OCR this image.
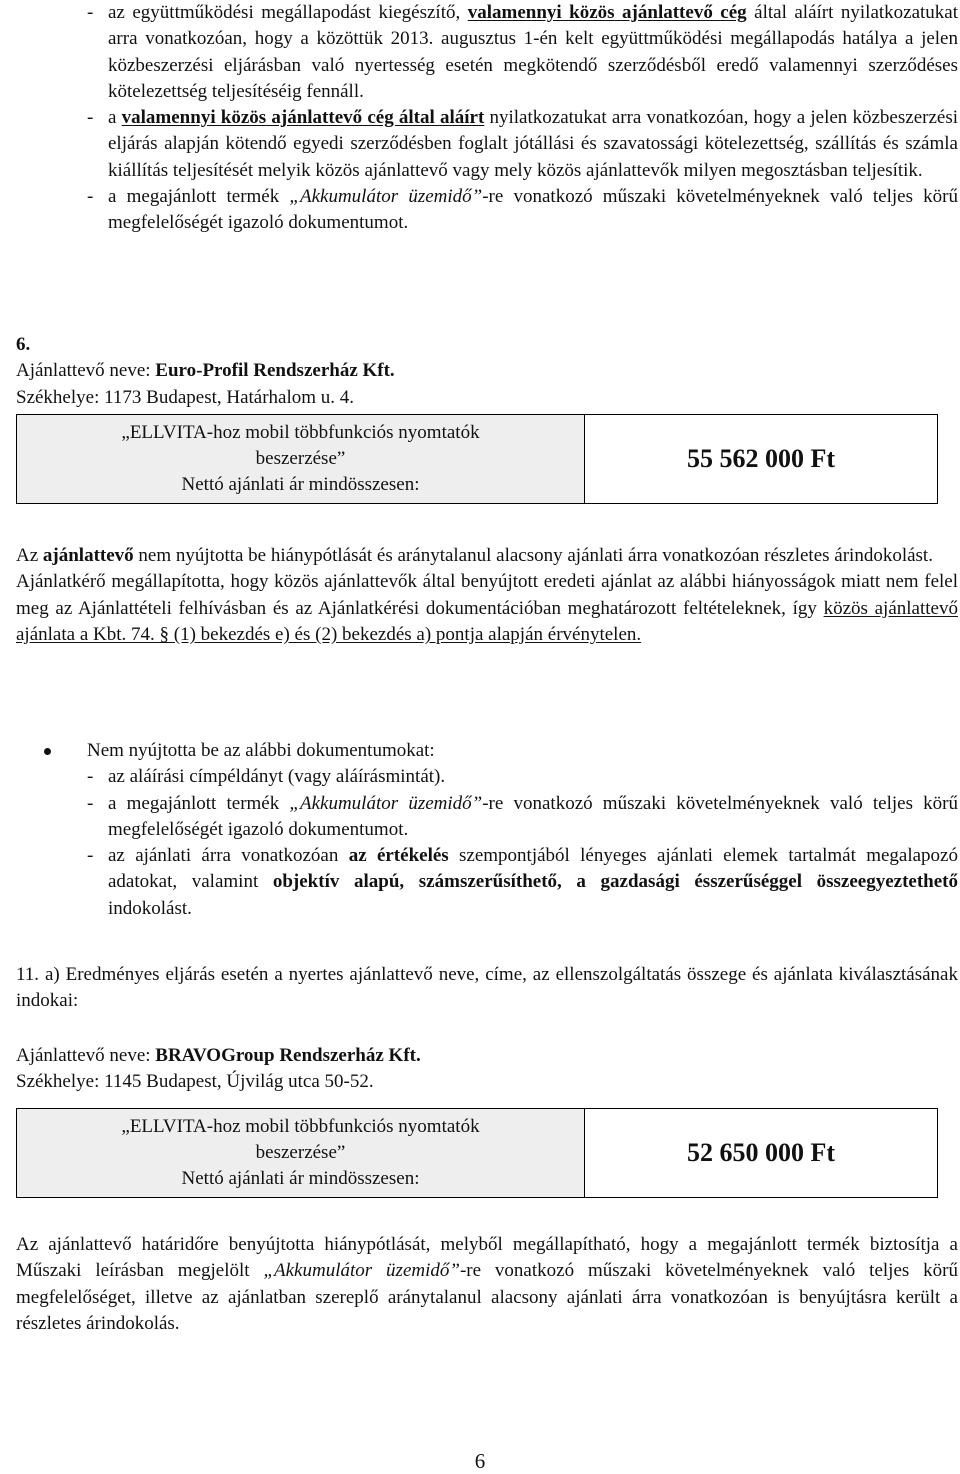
- az együttműködési megállapodást kiegészítő, valamennyi közös ajánlattevő cég által aláírt nyilatkozatukat arra vonatkozóan, hogy a közöttük 2013. augusztus 1-én kelt együttműködési megállapodás hatálya a jelen közbeszerzési eljárásban való nyertesség esetén megkötendő szerződésből eredő valamennyi szerződéses kötelezettség teljesítéséig fennáll.

- a valamennyi közös ajánlattevő cég által aláírt nyilatkozatukat arra vonatkozóan, hogy a jelen közbeszerzési eljárás alapján kötendő egyedi szerződésben foglalt jótállási és szavatossági kötelezettség, szállítás és számla kiállítás teljesítését melyik közös ajánlattevő vagy mely közös ajánlattevők milyen megosztásban teljesítik.

- a megajánlott termék „Akkumulátor üzemidő”-re vonatkozó műszaki követelményeknek való teljes körű megfelelőségét igazoló dokumentumot.

6.

Ajánlattevő neve: Euro-Profil Rendszerház Kft.

Székhelye: 1173 Budapest, Határhalom u. 4.

„ELLVITA-hoz mobil többfunkciós nyomtatók
beszerzése”
Nettó ajánlati ár mindösszesen:
55 562 000 Ft

Az ajánlattevő nem nyújtotta be hiánypótlását és aránytalanul alacsony ajánlati árra vonatkozóan részletes árindokolást.

Ajánlatkérő megállapította, hogy közös ajánlattevők által benyújtott eredeti ajánlat az alábbi hiányosságok miatt nem felel meg az Ajánlattételi felhívásban és az Ajánlatkérési dokumentációban meghatározott feltételeknek, így közös ajánlattevő ajánlata a Kbt. 74. § (1) bekezdés e) és (2) bekezdés a) pontja alapján érvénytelen.

Nem nyújtotta be az alábbi dokumentumokat:

- az aláírási címpéldányt (vagy aláírásmintát).

- a megajánlott termék „Akkumulátor üzemidő”-re vonatkozó műszaki követelményeknek való teljes körű megfelelőségét igazoló dokumentumot.

- az ajánlati árra vonatkozóan az értékelés szempontjából lényeges ajánlati elemek tartalmát megalapozó adatokat, valamint objektív alapú, számszerűsíthető, a gazdasági ésszerűséggel összeegyeztethető indokolást.

11. a) Eredményes eljárás esetén a nyertes ajánlattevő neve, címe, az ellenszolgáltatás összege és ajánlata kiválasztásának indokai:

Ajánlattevő neve: BRAVOGroup Rendszerház Kft.

Székhelye: 1145 Budapest, Újvilág utca 50-52.

„ELLVITA-hoz mobil többfunkciós nyomtatók
beszerzése”
Nettó ajánlati ár mindösszesen:
52 650 000 Ft

Az ajánlattevő határidőre benyújtotta hiánypótlását, melyből megállapítható, hogy a megajánlott termék biztosítja a Műszaki leírásban megjelölt „Akkumulátor üzemidő”-re vonatkozó műszaki követelményeknek való teljes körű megfelelőséget, illetve az ajánlatban szereplő aránytalanul alacsony ajánlati árra vonatkozóan is benyújtásra került a részletes árindokolás.

6
